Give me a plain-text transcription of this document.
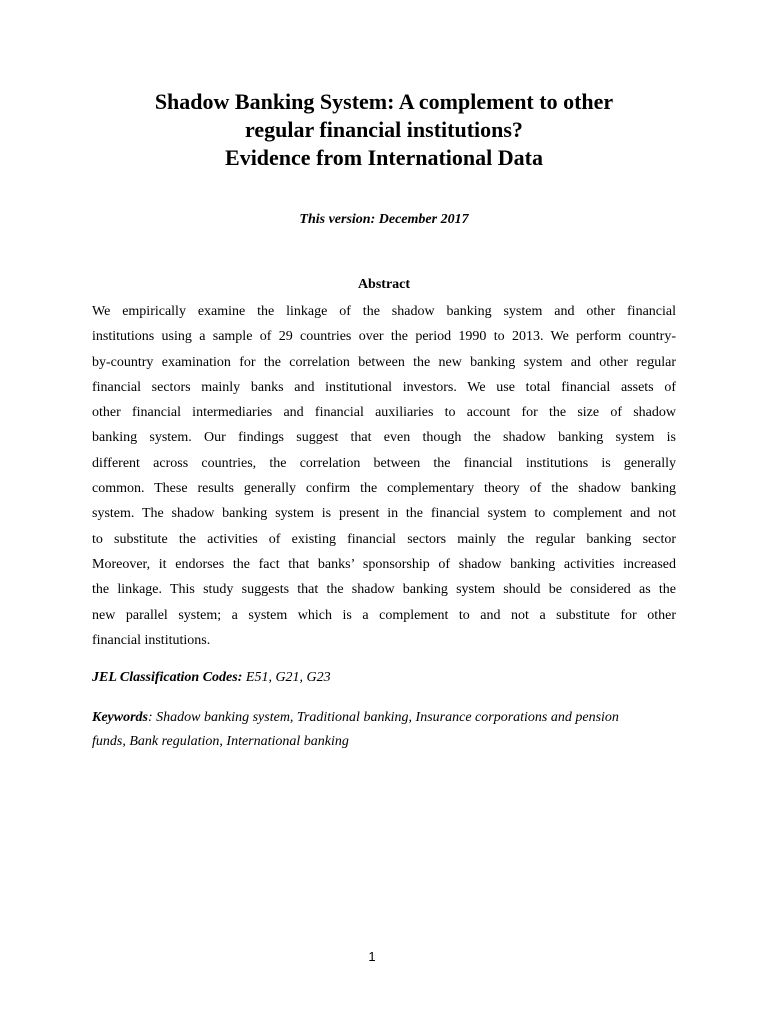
Shadow Banking System: A complement to other
regular financial institutions?
Evidence from International Data
This version: December 2017
Abstract
We empirically examine the linkage of the shadow banking system and other financial
institutions using a sample of 29 countries over the period 1990 to 2013. We perform country-
by-country examination for the correlation between the new banking system and other regular
financial sectors mainly banks and institutional investors. We use total financial assets of
other financial intermediaries and financial auxiliaries to account for the size of shadow
banking system. Our findings suggest that even though the shadow banking system is
different across countries, the correlation between the financial institutions is generally
common. These results generally confirm the complementary theory of the shadow banking
system. The shadow banking system is present in the financial system to complement and not
to substitute the activities of existing financial sectors mainly the regular banking sector
Moreover, it endorses the fact that banks’ sponsorship of shadow banking activities increased
the linkage. This study suggests that the shadow banking system should be considered as the
new parallel system; a system which is a complement to and not a substitute for other
financial institutions.
JEL Classification Codes: E51, G21, G23
Keywords: Shadow banking system, Traditional banking, Insurance corporations and pension
funds, Bank regulation, International banking
1
